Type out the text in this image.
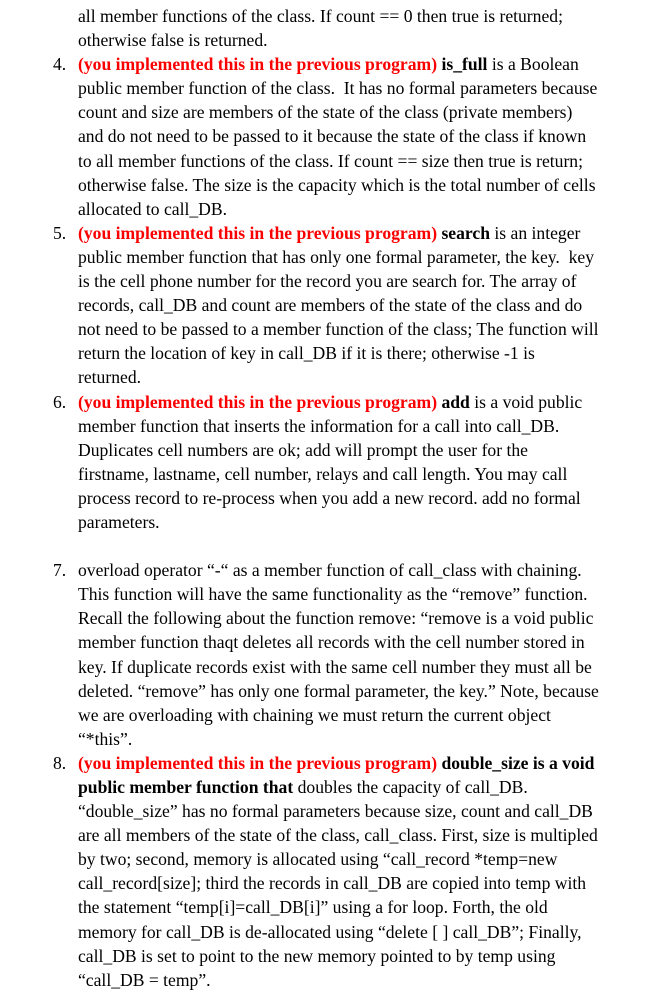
all member functions of the class. If count == 0 then true is returned; otherwise false is returned.

4. (you implemented this in the previous program) is_full is a Boolean public member function of the class.  It has no formal parameters because count and size are members of the state of the class (private members) and do not need to be passed to it because the state of the class if known to all member functions of the class. If count == size then true is return; otherwise false. The size is the capacity which is the total number of cells allocated to call_DB.
5. (you implemented this in the previous program) search is an integer public member function that has only one formal parameter, the key.  key is the cell phone number for the record you are search for. The array of records, call_DB and count are members of the state of the class and do not need to be passed to a member function of the class; The function will return the location of key in call_DB if it is there; otherwise -1 is returned.
6. (you implemented this in the previous program) add is a void public member function that inserts the information for a call into call_DB. Duplicates cell numbers are ok; add will prompt the user for the firstname, lastname, cell number, relays and call length. You may call process record to re-process when you add a new record. add no formal parameters.
7. overload operator “-“ as a member function of call_class with chaining. This function will have the same functionality as the “remove” function. Recall the following about the function remove: “remove is a void public member function thaqt deletes all records with the cell number stored in key. If duplicate records exist with the same cell number they must all be deleted. “remove” has only one formal parameter, the key.” Note, because we are overloading with chaining we must return the current object “*this”.
8. (you implemented this in the previous program) double_size is a void public member function that doubles the capacity of call_DB. “double_size” has no formal parameters because size, count and call_DB are all members of the state of the class, call_class. First, size is multipled by two; second, memory is allocated using “call_record *temp=new call_record[size]; third the records in call_DB are copied into temp with the statement “temp[i]=call_DB[i]” using a for loop. Forth, the old memory for call_DB is de-allocated using “delete [ ] call_DB”; Finally, call_DB is set to point to the new memory pointed to by temp using “call_DB = temp”.
